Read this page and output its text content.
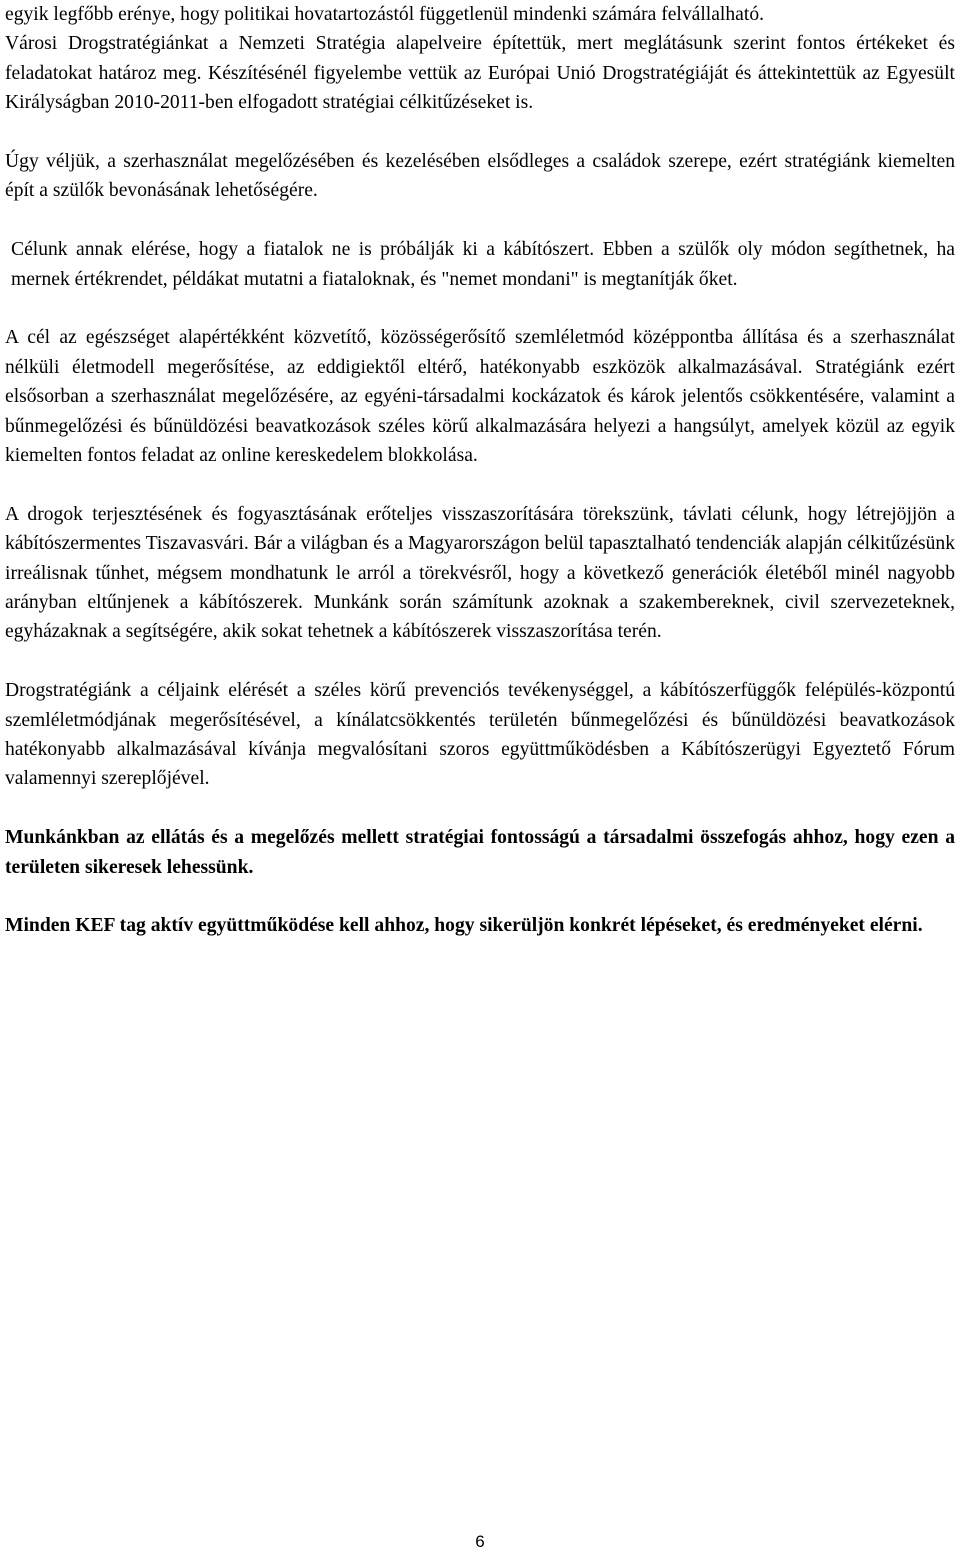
egyik legfőbb erénye, hogy politikai hovatartozástól függetlenül mindenki számára felvállalható.

Városi Drogstratégiánkat a Nemzeti Stratégia alapelveire építettük, mert meglátásunk szerint fontos értékeket és feladatokat határoz meg. Készítésénél figyelembe vettük az Európai Unió Drogstratégiáját és áttekintettük az Egyesült Királyságban 2010-2011-ben elfogadott stratégiai célkitűzéseket is.

Úgy véljük, a szerhasználat megelőzésében és kezelésében elsődleges a családok szerepe, ezért stratégiánk kiemelten épít a szülők bevonásának lehetőségére.

Célunk annak elérése, hogy a fiatalok ne is próbálják ki a kábítószert. Ebben a szülők oly módon segíthetnek, ha mernek értékrendet, példákat mutatni a fiataloknak, és "nemet mondani" is megtanítják őket.

A cél az egészséget alapértékként közvetítő, közösségerősítő szemléletmód középpontba állítása és a szerhasználat nélküli életmodell megerősítése, az eddigiektől eltérő, hatékonyabb eszközök alkalmazásával. Stratégiánk ezért elsősorban a szerhasználat megelőzésére, az egyéni-társadalmi kockázatok és károk jelentős csökkentésére, valamint a bűnmegelőzési és bűnüldözési beavatkozások széles körű alkalmazására helyezi a hangsúlyt, amelyek közül az egyik kiemelten fontos feladat az online kereskedelem blokkolása.

A drogok terjesztésének és fogyasztásának erőteljes visszaszorítására törekszünk, távlati célunk, hogy létrejöjjön a kábítószermentes Tiszavasvári. Bár a világban és a Magyarországon belül tapasztalható tendenciák alapján célkitűzésünk irreálisnak tűnhet, mégsem mondhatunk le arról a törekvésről, hogy a következő generációk életéből minél nagyobb arányban eltűnjenek a kábítószerek. Munkánk során számítunk azoknak a szakembereknek, civil szervezeteknek, egyházaknak a segítségére, akik sokat tehetnek a kábítószerek visszaszorítása terén.

Drogstratégiánk a céljaink elérését a széles körű prevenciós tevékenységgel, a kábítószerfüggők felépülés-központú szemléletmódjának megerősítésével, a kínálatcsökkentés területén bűnmegelőzési és bűnüldözési beavatkozások hatékonyabb alkalmazásával kívánja megvalósítani szoros együttműködésben a Kábítószerügyi Egyeztető Fórum valamennyi szereplőjével.

Munkánkban az ellátás és a megelőzés mellett stratégiai fontosságú a társadalmi összefogás ahhoz, hogy ezen a területen sikeresek lehessünk.

Minden KEF tag aktív együttműködése kell ahhoz, hogy sikerüljön konkrét lépéseket, és eredményeket elérni.

6
